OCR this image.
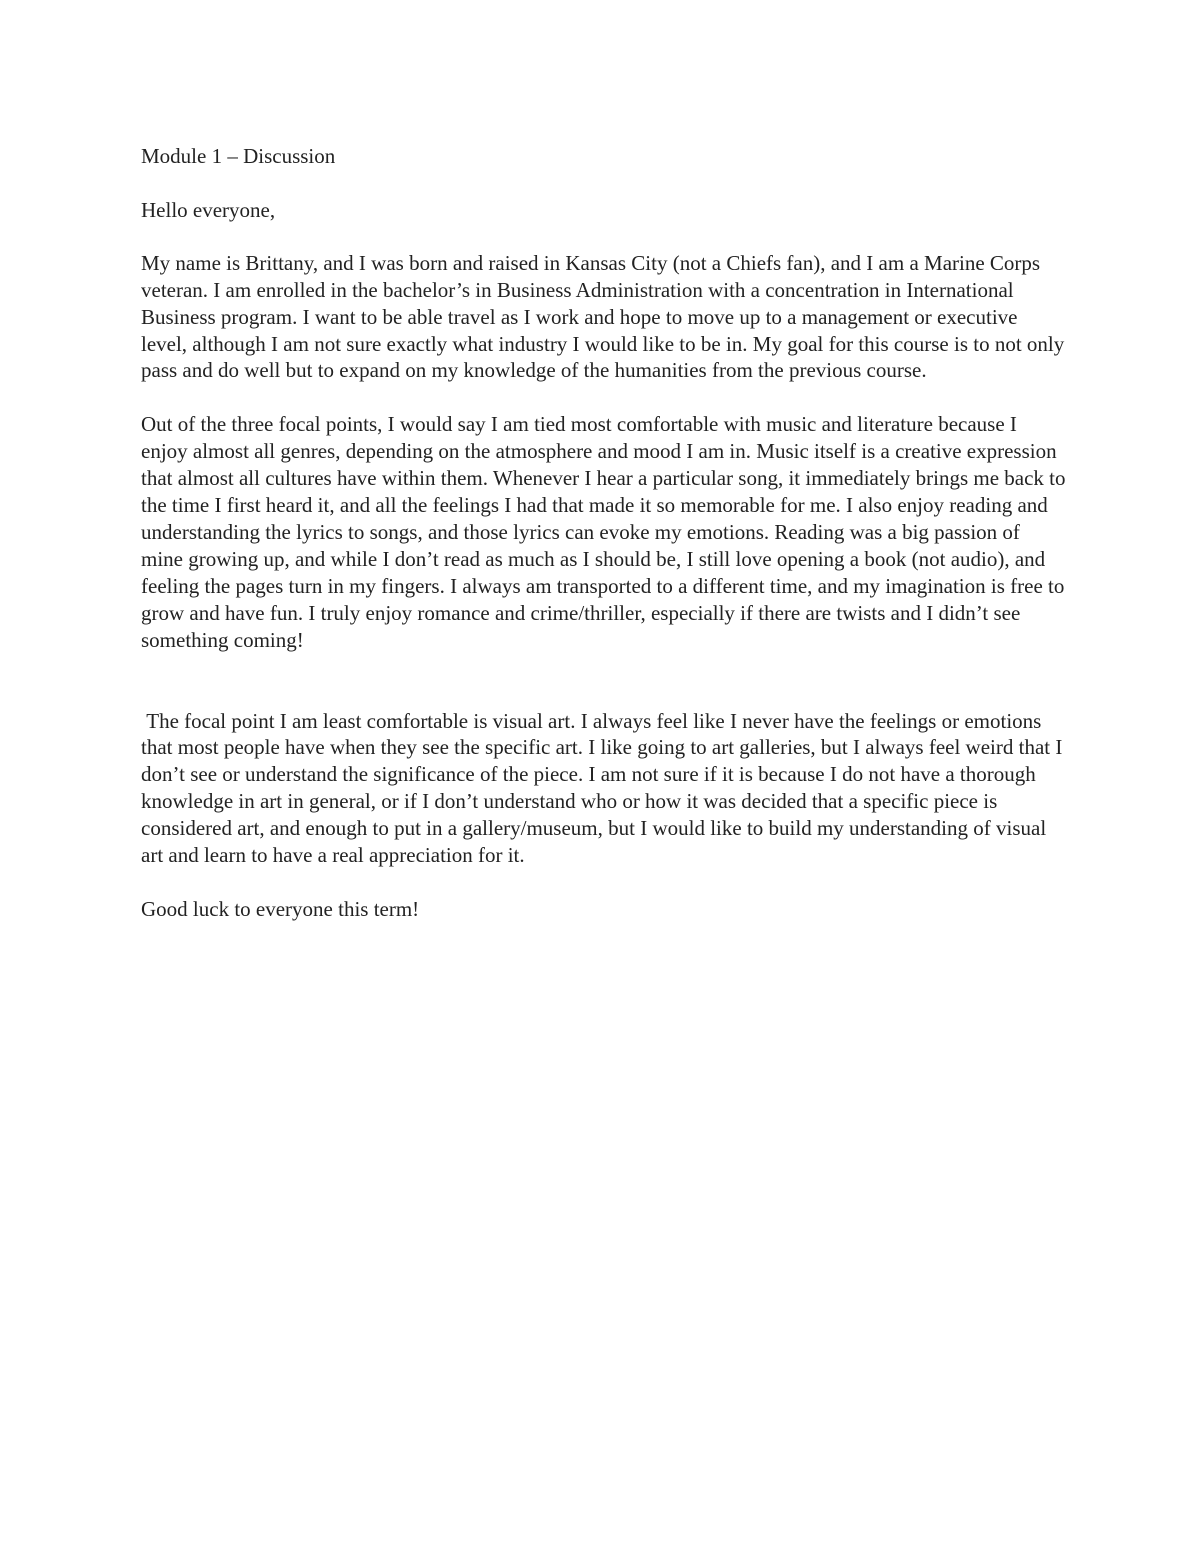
Module 1 – Discussion

Hello everyone,

My name is Brittany, and I was born and raised in Kansas City (not a Chiefs fan), and I am a Marine Corps veteran. I am enrolled in the bachelor’s in Business Administration with a concentration in International Business program. I want to be able travel as I work and hope to move up to a management or executive level, although I am not sure exactly what industry I would like to be in. My goal for this course is to not only pass and do well but to expand on my knowledge of the humanities from the previous course.

Out of the three focal points, I would say I am tied most comfortable with music and literature because I enjoy almost all genres, depending on the atmosphere and mood I am in. Music itself is a creative expression that almost all cultures have within them. Whenever I hear a particular song, it immediately brings me back to the time I first heard it, and all the feelings I had that made it so memorable for me. I also enjoy reading and understanding the lyrics to songs, and those lyrics can evoke my emotions. Reading was a big passion of mine growing up, and while I don’t read as much as I should be, I still love opening a book (not audio), and feeling the pages turn in my fingers. I always am transported to a different time, and my imagination is free to grow and have fun. I truly enjoy romance and crime/thriller, especially if there are twists and I didn’t see something coming!

The focal point I am least comfortable is visual art. I always feel like I never have the feelings or emotions that most people have when they see the specific art. I like going to art galleries, but I always feel weird that I don’t see or understand the significance of the piece. I am not sure if it is because I do not have a thorough knowledge in art in general, or if I don’t understand who or how it was decided that a specific piece is considered art, and enough to put in a gallery/museum, but I would like to build my understanding of visual art and learn to have a real appreciation for it.

Good luck to everyone this term!
